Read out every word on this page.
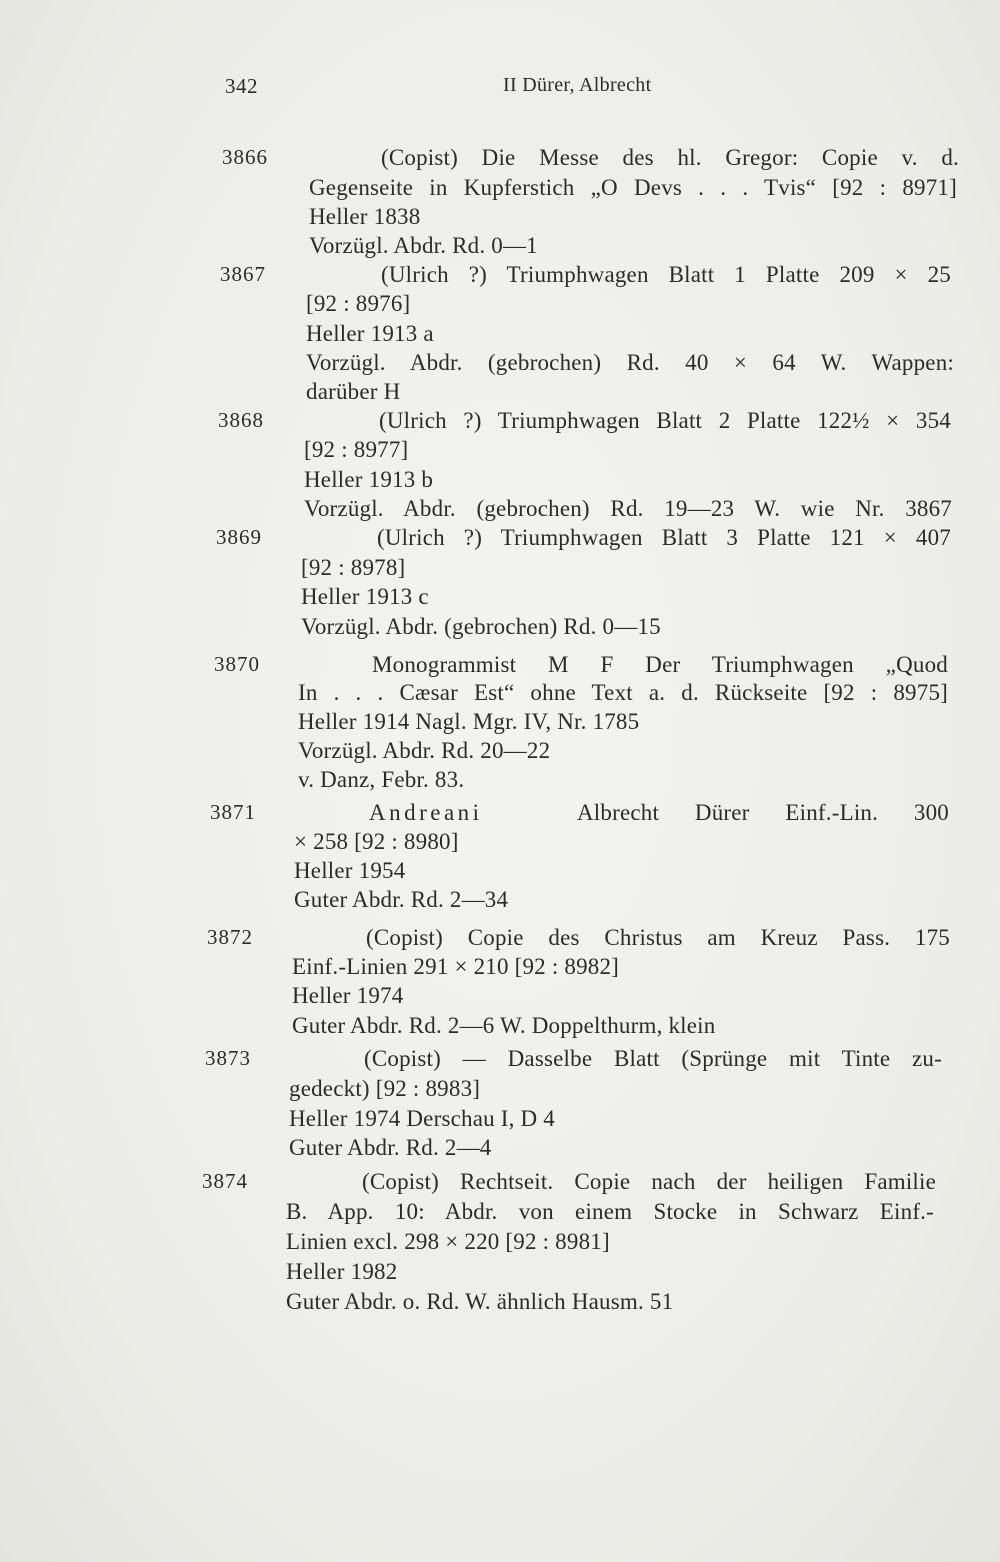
342	II Dürer, Albrecht
3866	(Copist) Die Messe des hl. Gregor: Copie v. d.
Gegenseite in Kupferstich „O Devs . . . Tvis“ [92 : 8971]
Heller 1838
Vorzügl. Abdr. Rd. 0—1
3867	(Ulrich ?) Triumphwagen Blatt 1 Platte 209 × 25
[92 : 8976]
Heller 1913 a
Vorzügl. Abdr. (gebrochen) Rd. 40 × 64 W. Wappen:
darüber H
3868	(Ulrich ?) Triumphwagen Blatt 2 Platte 122½ × 354
[92 : 8977]
Heller 1913 b
Vorzügl. Abdr. (gebrochen) Rd. 19—23 W. wie Nr. 3867
3869	(Ulrich ?) Triumphwagen Blatt 3 Platte 121 × 407
[92 : 8978]
Heller 1913 c
Vorzügl. Abdr. (gebrochen) Rd. 0—15
3870	Monogrammist M F Der Triumphwagen „Quod
In . . . Cæsar Est“ ohne Text a. d. Rückseite [92 : 8975]
Heller 1914 Nagl. Mgr. IV, Nr. 1785
Vorzügl. Abdr. Rd. 20—22
v. Danz, Febr. 83.
3871	Andreani	Albrecht Dürer Einf.-Lin. 300
× 258 [92 : 8980]
Heller 1954
Guter Abdr. Rd. 2—34
3872	(Copist) Copie des Christus am Kreuz Pass. 175
Einf.-Linien 291 × 210 [92 : 8982]
Heller 1974
Guter Abdr. Rd. 2—6 W. Doppelthurm, klein
3873	(Copist) — Dasselbe Blatt (Sprünge mit Tinte zu-
gedeckt) [92 : 8983]
Heller 1974 Derschau I, D 4
Guter Abdr. Rd. 2—4
3874	(Copist) Rechtseit. Copie nach der heiligen Familie
B. App. 10: Abdr. von einem Stocke in Schwarz Einf.-
Linien excl. 298 × 220 [92 : 8981]
Heller 1982
Guter Abdr. o. Rd. W. ähnlich Hausm. 51
